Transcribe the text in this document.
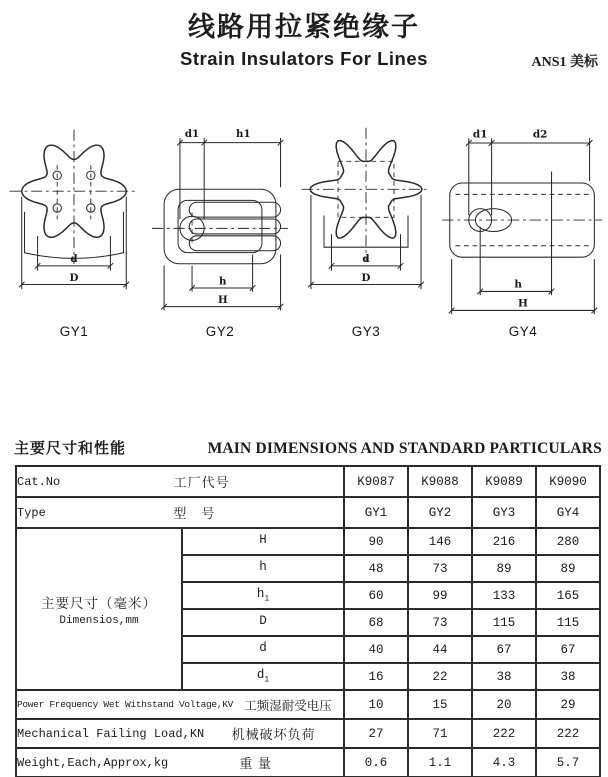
线路用拉紧绝缘子
Strain Insulators For Lines	ANS1 美标
d
D
GY1
d1	h1
h
H
GY2
d
D
GY3
d1	d2
h
H
GY4
主要尺寸和性能	MAIN DIMENSIONS AND STANDARD PARTICULARS
Cat.No 工厂代号		K9087	K9088	K9089	K9090

Type 型　号		GY1	GY2	GY3	GY4

主要尺寸（毫米）
Dimensios,mm	H	90	146	216	280
	h	48	73	89	89
	$h_1$	60	99	133	165
	D	68	73	115	115
	d	40	44	67	67
	$d_1$	16	22	38	38

Power Frequency Wet Withstand Voltage,KV 工频湿耐受电压		10	15	20	29

Mechanical Failing Load,KN 机械破坏负荷		27	71	222	222

Weight,Each,Approx,kg 重 量		0.6	1.1	4.3	5.7
